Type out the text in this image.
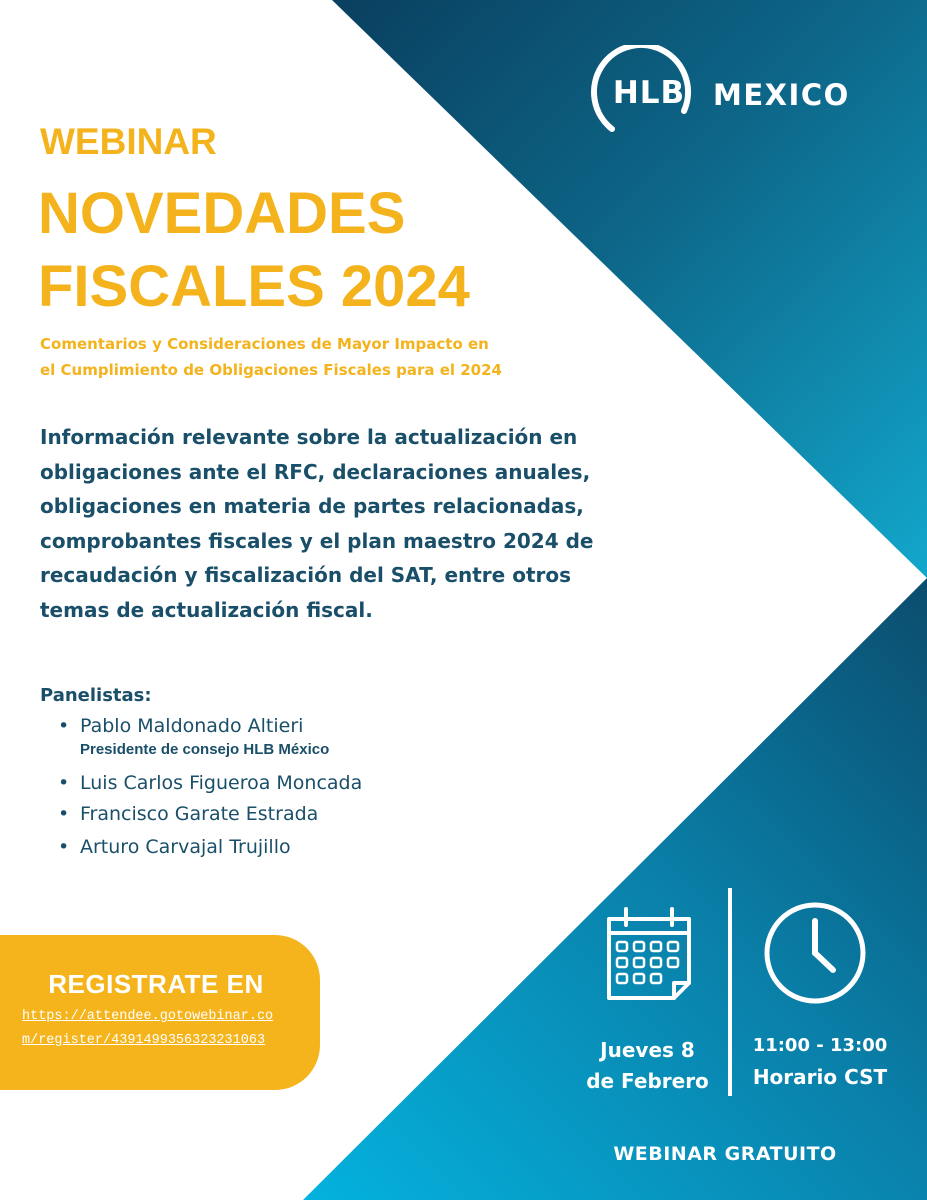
HLB MEXICO
WEBINAR
NOVEDADES
FISCALES 2024
Comentarios y Consideraciones de Mayor Impacto en
el Cumplimiento de Obligaciones Fiscales para el 2024
Información relevante sobre la actualización en
obligaciones ante el RFC, declaraciones anuales,
obligaciones en materia de partes relacionadas,
comprobantes fiscales y el plan maestro 2024 de
recaudación y fiscalización del SAT, entre otros
temas de actualización fiscal.
Panelistas:
• Pablo Maldonado Altieri
Presidente de consejo HLB México
• Luis Carlos Figueroa Moncada
• Francisco Garate Estrada
• Arturo Carvajal Trujillo
REGISTRATE EN
https://attendee.gotowebinar.co
m/register/4391499356323231063	Jueves 8
de Febrero
11:00 - 13:00
Horario CST
WEBINAR GRATUITO
